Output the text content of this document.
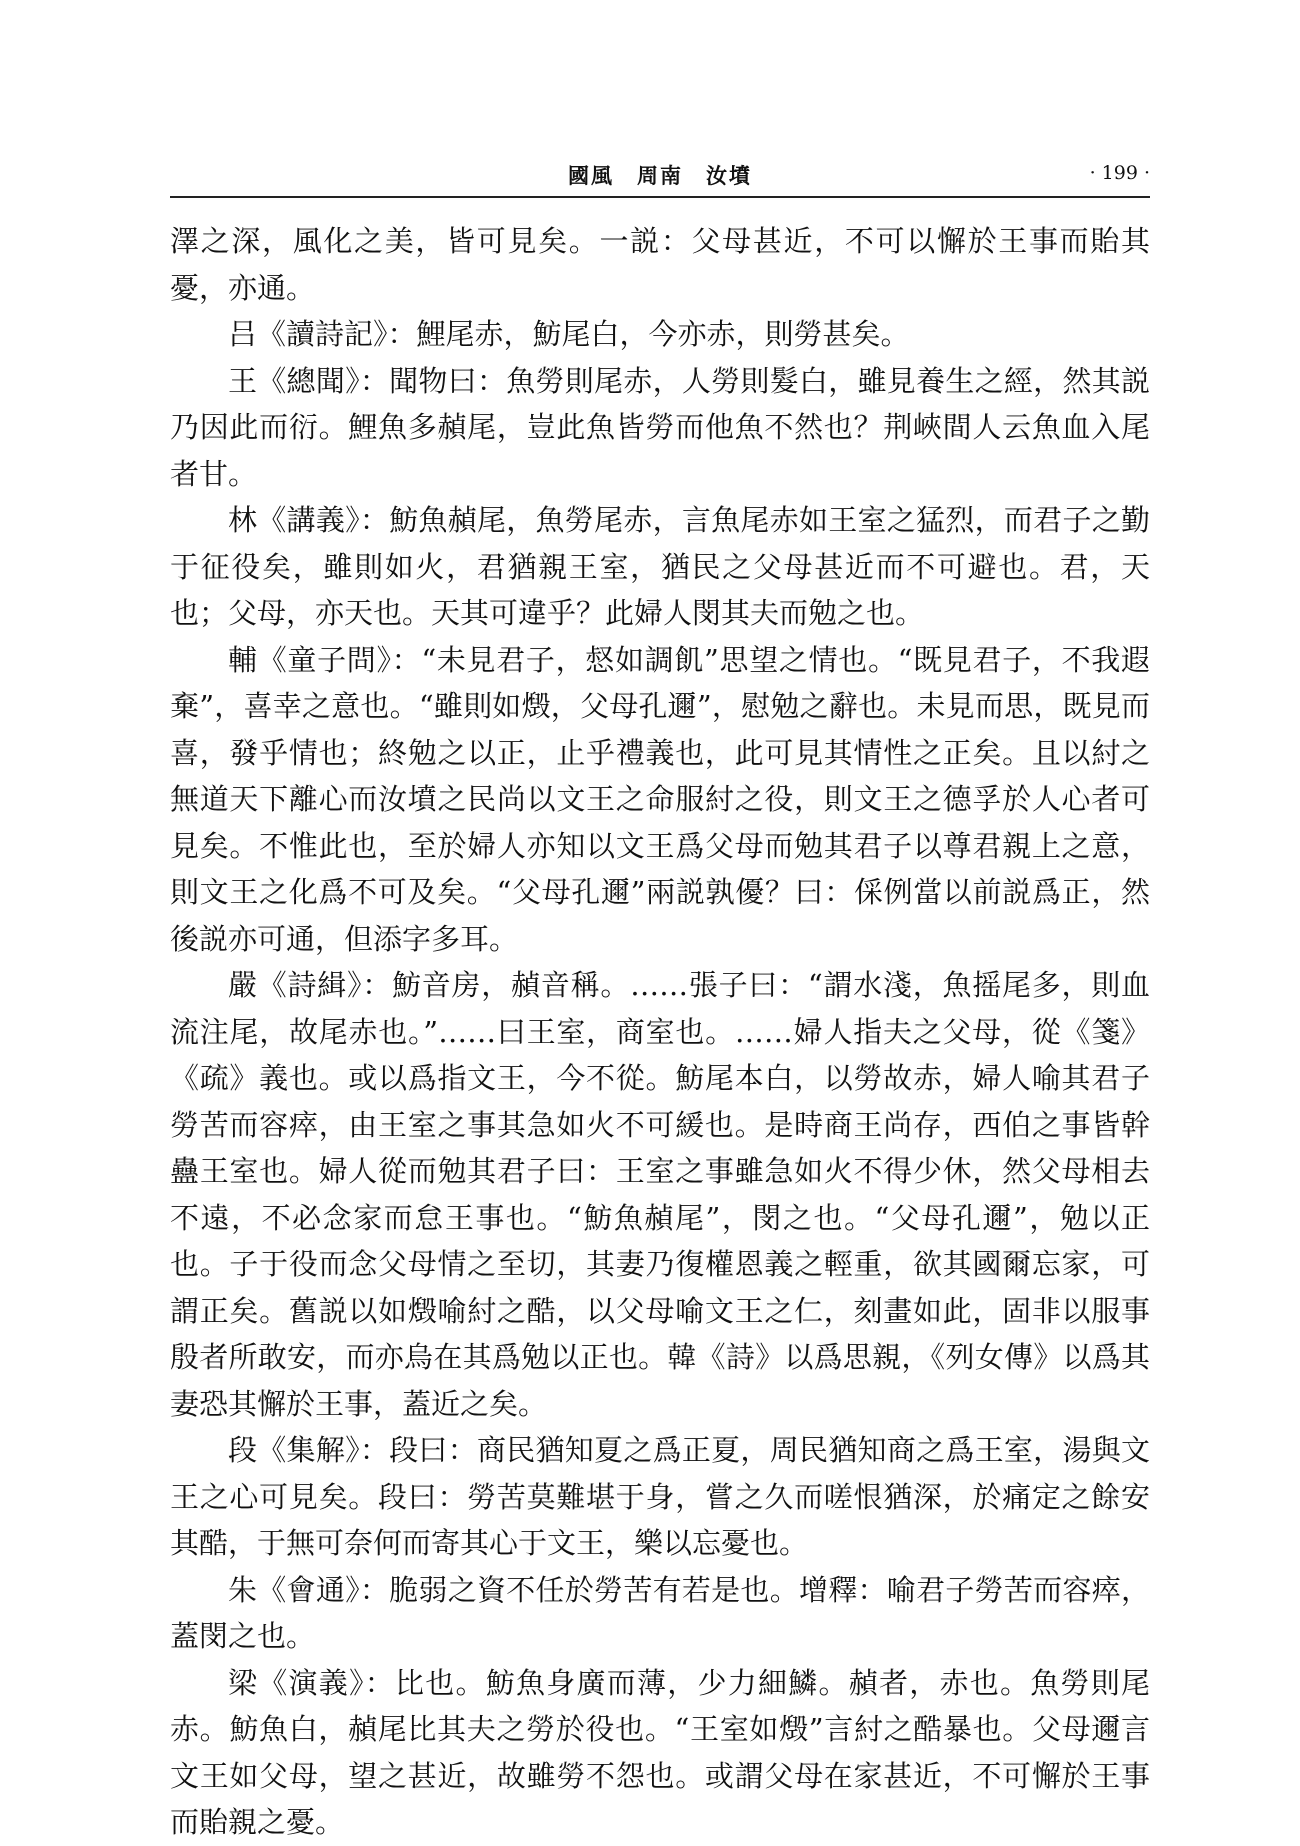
國風　周南　汝墳	· 199 ·

澤之深，風化之美，皆可見矣。一説：父母甚近，不可以懈於王事而貽其憂，亦通。

吕《讀詩記》：鯉尾赤，魴尾白，今亦赤，則勞甚矣。

王《總聞》：聞物曰：魚勞則尾赤，人勞則髮白，雖見養生之經，然其説乃因此而衍。鯉魚多赬尾，豈此魚皆勞而他魚不然也？荆峽間人云魚血入尾者甘。

林《講義》：魴魚赬尾，魚勞尾赤，言魚尾赤如王室之猛烈，而君子之勤于征役矣，雖則如火，君猶親王室，猶民之父母甚近而不可避也。君，天也；父母，亦天也。天其可違乎？此婦人閔其夫而勉之也。

輔《童子問》：“未見君子，惄如調飢”思望之情也。“既見君子，不我遐棄”，喜幸之意也。“雖則如燬，父母孔邇”，慰勉之辭也。未見而思，既見而喜，發乎情也；終勉之以正，止乎禮義也，此可見其情性之正矣。且以紂之無道天下離心而汝墳之民尚以文王之命服紂之役，則文王之德孚於人心者可見矣。不惟此也，至於婦人亦知以文王爲父母而勉其君子以尊君親上之意，則文王之化爲不可及矣。“父母孔邇”兩説孰優？曰：倸例當以前説爲正，然後説亦可通，但添字多耳。

嚴《詩緝》：魴音房，赬音稱。……張子曰：“謂水淺，魚摇尾多，則血流注尾，故尾赤也。”……曰王室，商室也。……婦人指夫之父母，從《箋》《疏》義也。或以爲指文王，今不從。魴尾本白，以勞故赤，婦人喻其君子勞苦而容瘁，由王室之事其急如火不可緩也。是時商王尚存，西伯之事皆幹蠱王室也。婦人從而勉其君子曰：王室之事雖急如火不得少休，然父母相去不遠，不必念家而怠王事也。“魴魚赬尾”，閔之也。“父母孔邇”，勉以正也。子于役而念父母情之至切，其妻乃復權恩義之輕重，欲其國爾忘家，可謂正矣。舊説以如燬喻紂之酷，以父母喻文王之仁，刻畫如此，固非以服事殷者所敢安，而亦烏在其爲勉以正也。韓《詩》以爲思親，《列女傳》以爲其妻恐其懈於王事，蓋近之矣。

段《集解》：段曰：商民猶知夏之爲正夏，周民猶知商之爲王室，湯與文王之心可見矣。段曰：勞苦莫難堪于身，嘗之久而嗟恨猶深，於痛定之餘安其酷，于無可奈何而寄其心于文王，樂以忘憂也。

朱《會通》：脆弱之資不任於勞苦有若是也。增釋：喻君子勞苦而容瘁，蓋閔之也。

梁《演義》：比也。魴魚身廣而薄，少力細鱗。赬者，赤也。魚勞則尾赤。魴魚白，赬尾比其夫之勞於役也。“王室如燬”言紂之酷暴也。父母邇言文王如父母，望之甚近，故雖勞不怨也。或謂父母在家甚近，不可懈於王事而貽親之憂。
